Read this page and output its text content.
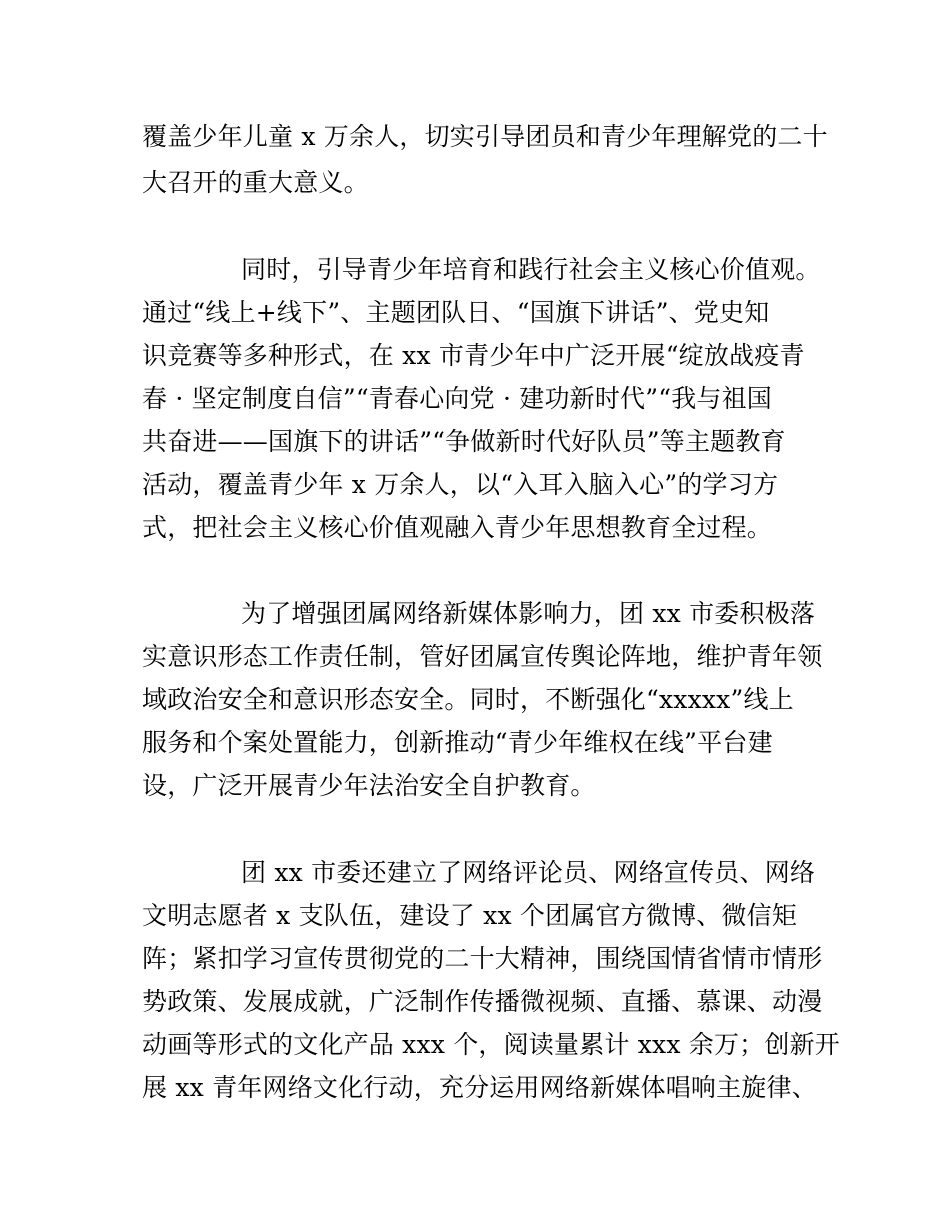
覆盖少年儿童 x 万余人，切实引导团员和青少年理解党的二十
大召开的重大意义。
同时，引导青少年培育和践行社会主义核心价值观。
通过“线上+线下”、主题团队日、“国旗下讲话”、党史知
识竞赛等多种形式，在 xx 市青少年中广泛开展“绽放战疫青
春 · 坚定制度自信”“青春心向党 · 建功新时代”“我与祖国
共奋进——国旗下的讲话”“争做新时代好队员”等主题教育
活动，覆盖青少年 x 万余人，以“入耳入脑入心”的学习方
式，把社会主义核心价值观融入青少年思想教育全过程。
为了增强团属网络新媒体影响力，团 xx 市委积极落
实意识形态工作责任制，管好团属宣传舆论阵地，维护青年领
域政治安全和意识形态安全。同时，不断强化“xxxxx”线上
服务和个案处置能力，创新推动“青少年维权在线”平台建
设，广泛开展青少年法治安全自护教育。
团 xx 市委还建立了网络评论员、网络宣传员、网络
文明志愿者 x 支队伍，建设了 xx 个团属官方微博、微信矩
阵；紧扣学习宣传贯彻党的二十大精神，围绕国情省情市情形
势政策、发展成就，广泛制作传播微视频、直播、慕课、动漫
动画等形式的文化产品 xxx 个，阅读量累计 xxx 余万；创新开
展 xx 青年网络文化行动，充分运用网络新媒体唱响主旋律、
